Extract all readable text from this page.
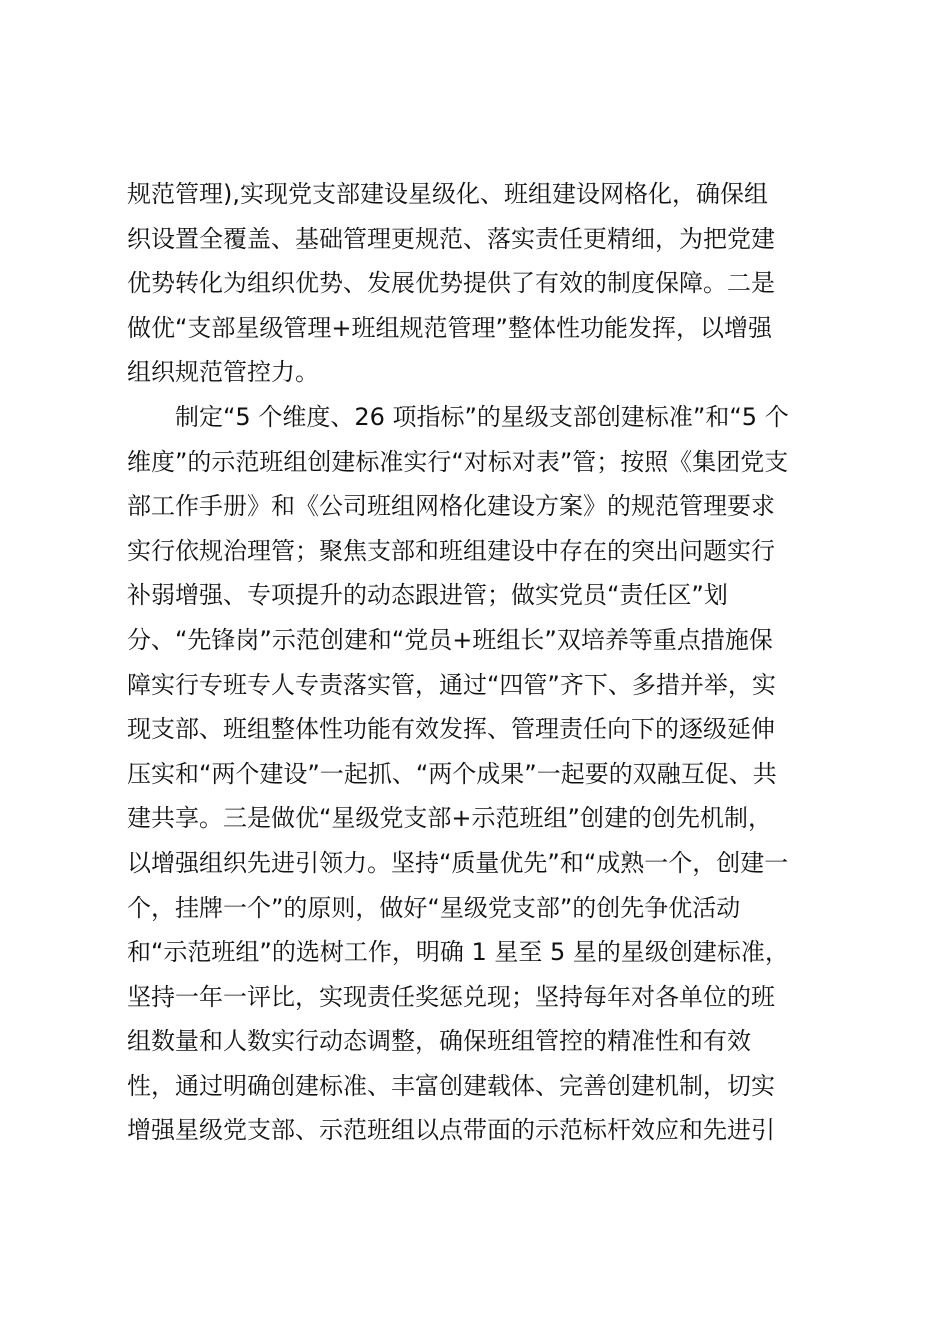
规范管理),实现党支部建设星级化、班组建设网格化，确保组
织设置全覆盖、基础管理更规范、落实责任更精细，为把党建
优势转化为组织优势、发展优势提供了有效的制度保障。二是
做优“支部星级管理+班组规范管理”整体性功能发挥，以增强
组织规范管控力。
制定“5 个维度、26 项指标”的星级支部创建标准”和“5 个
维度”的示范班组创建标准实行“对标对表”管；按照《集团党支
部工作手册》和《公司班组网格化建设方案》的规范管理要求
实行依规治理管；聚焦支部和班组建设中存在的突出问题实行
补弱增强、专项提升的动态跟进管；做实党员“责任区”划
分、“先锋岗”示范创建和“党员+班组长”双培养等重点措施保
障实行专班专人专责落实管，通过“四管”齐下、多措并举，实
现支部、班组整体性功能有效发挥、管理责任向下的逐级延伸
压实和“两个建设”一起抓、“两个成果”一起要的双融互促、共
建共享。三是做优“星级党支部+示范班组”创建的创先机制，
以增强组织先进引领力。坚持“质量优先”和“成熟一个，创建一
个，挂牌一个”的原则，做好“星级党支部”的创先争优活动
和“示范班组”的选树工作，明确 1 星至 5 星的星级创建标准，
坚持一年一评比，实现责任奖惩兑现；坚持每年对各单位的班
组数量和人数实行动态调整，确保班组管控的精准性和有效
性，通过明确创建标准、丰富创建载体、完善创建机制，切实
增强星级党支部、示范班组以点带面的示范标杆效应和先进引
